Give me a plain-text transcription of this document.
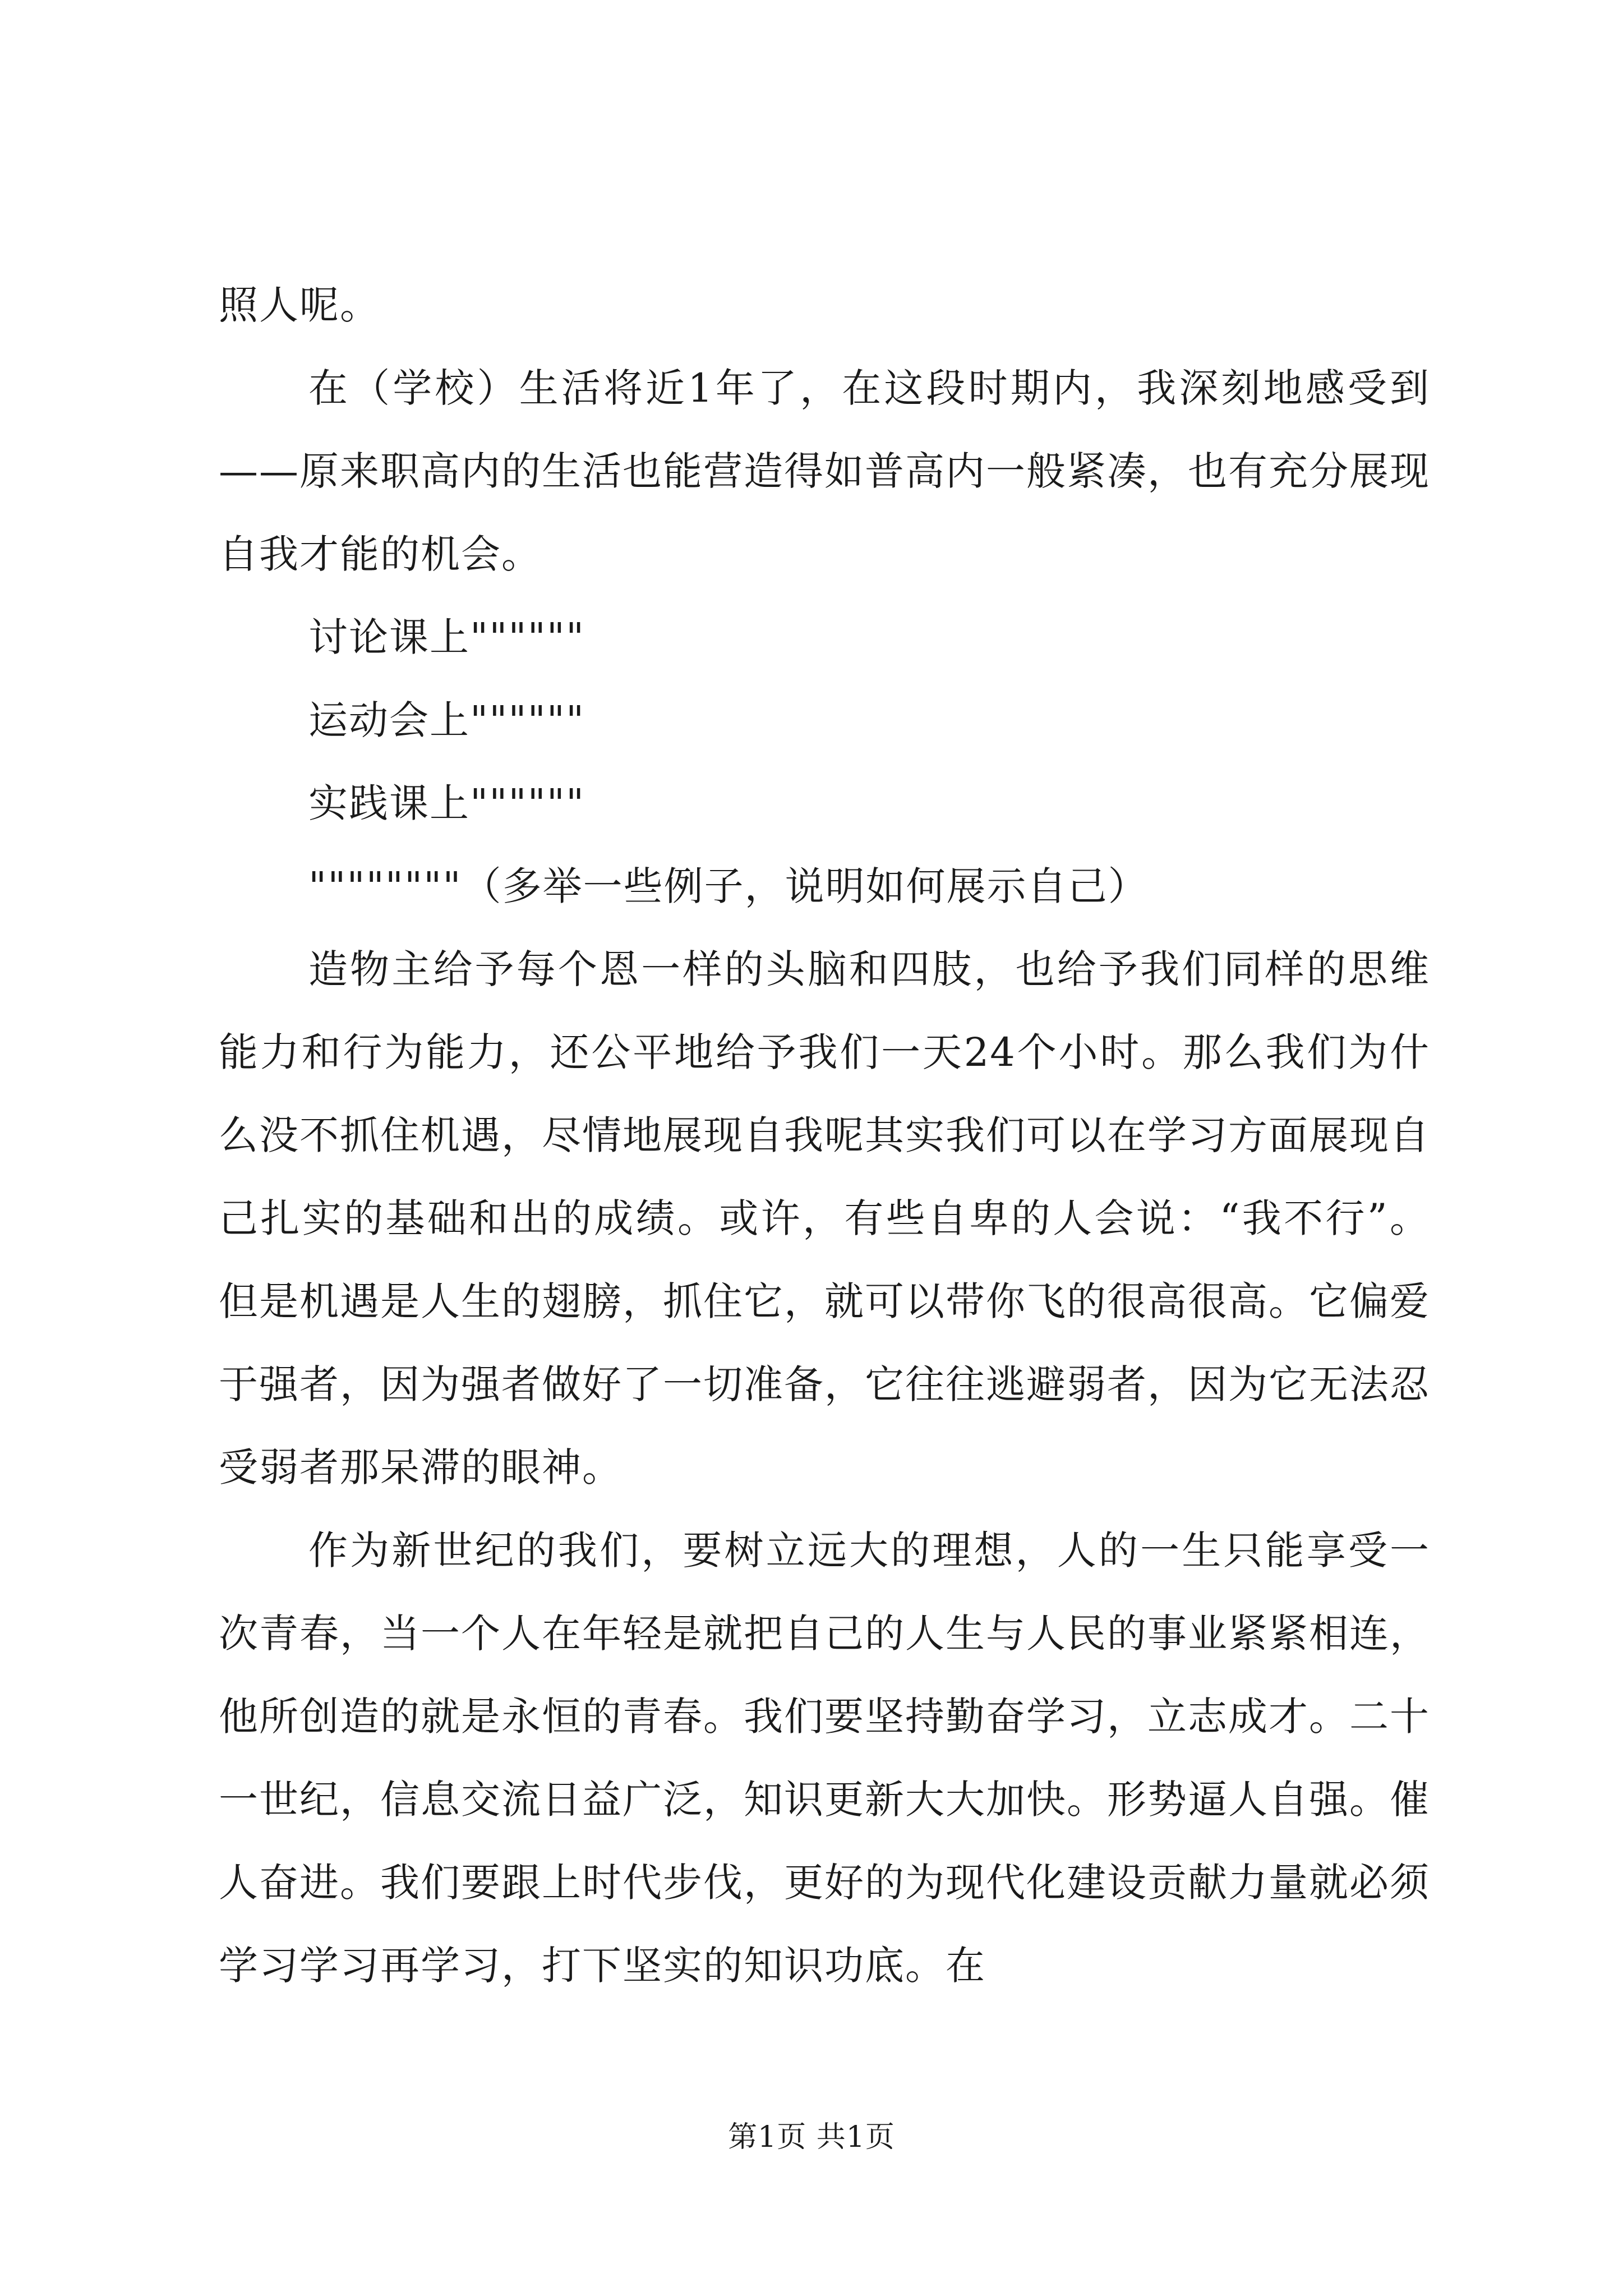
照人呢。

在（学校）生活将近1年了，在这段时期内，我深刻地感受到——原来职高内的生活也能营造得如普高内一般紧凑，也有充分展现自我才能的机会。

讨论课上""""""

运动会上""""""

实践课上""""""

""""""""（多举一些例子，说明如何展示自己）

造物主给予每个恩一样的头脑和四肢，也给予我们同样的思维能力和行为能力，还公平地给予我们一天24个小时。那么我们为什么没不抓住机遇，尽情地展现自我呢其实我们可以在学习方面展现自己扎实的基础和出的成绩。或许，有些自卑的人会说：“我不行”。但是机遇是人生的翅膀，抓住它，就可以带你飞的很高很高。它偏爱于强者，因为强者做好了一切准备，它往往逃避弱者，因为它无法忍受弱者那呆滞的眼神。

作为新世纪的我们，要树立远大的理想，人的一生只能享受一次青春，当一个人在年轻是就把自己的人生与人民的事业紧紧相连，他所创造的就是永恒的青春。我们要坚持勤奋学习，立志成才。二十一世纪，信息交流日益广泛，知识更新大大加快。形势逼人自强。催人奋进。我们要跟上时代步伐，更好的为现代化建设贡献力量就必须学习学习再学习，打下坚实的知识功底。在

第1页 共1页
